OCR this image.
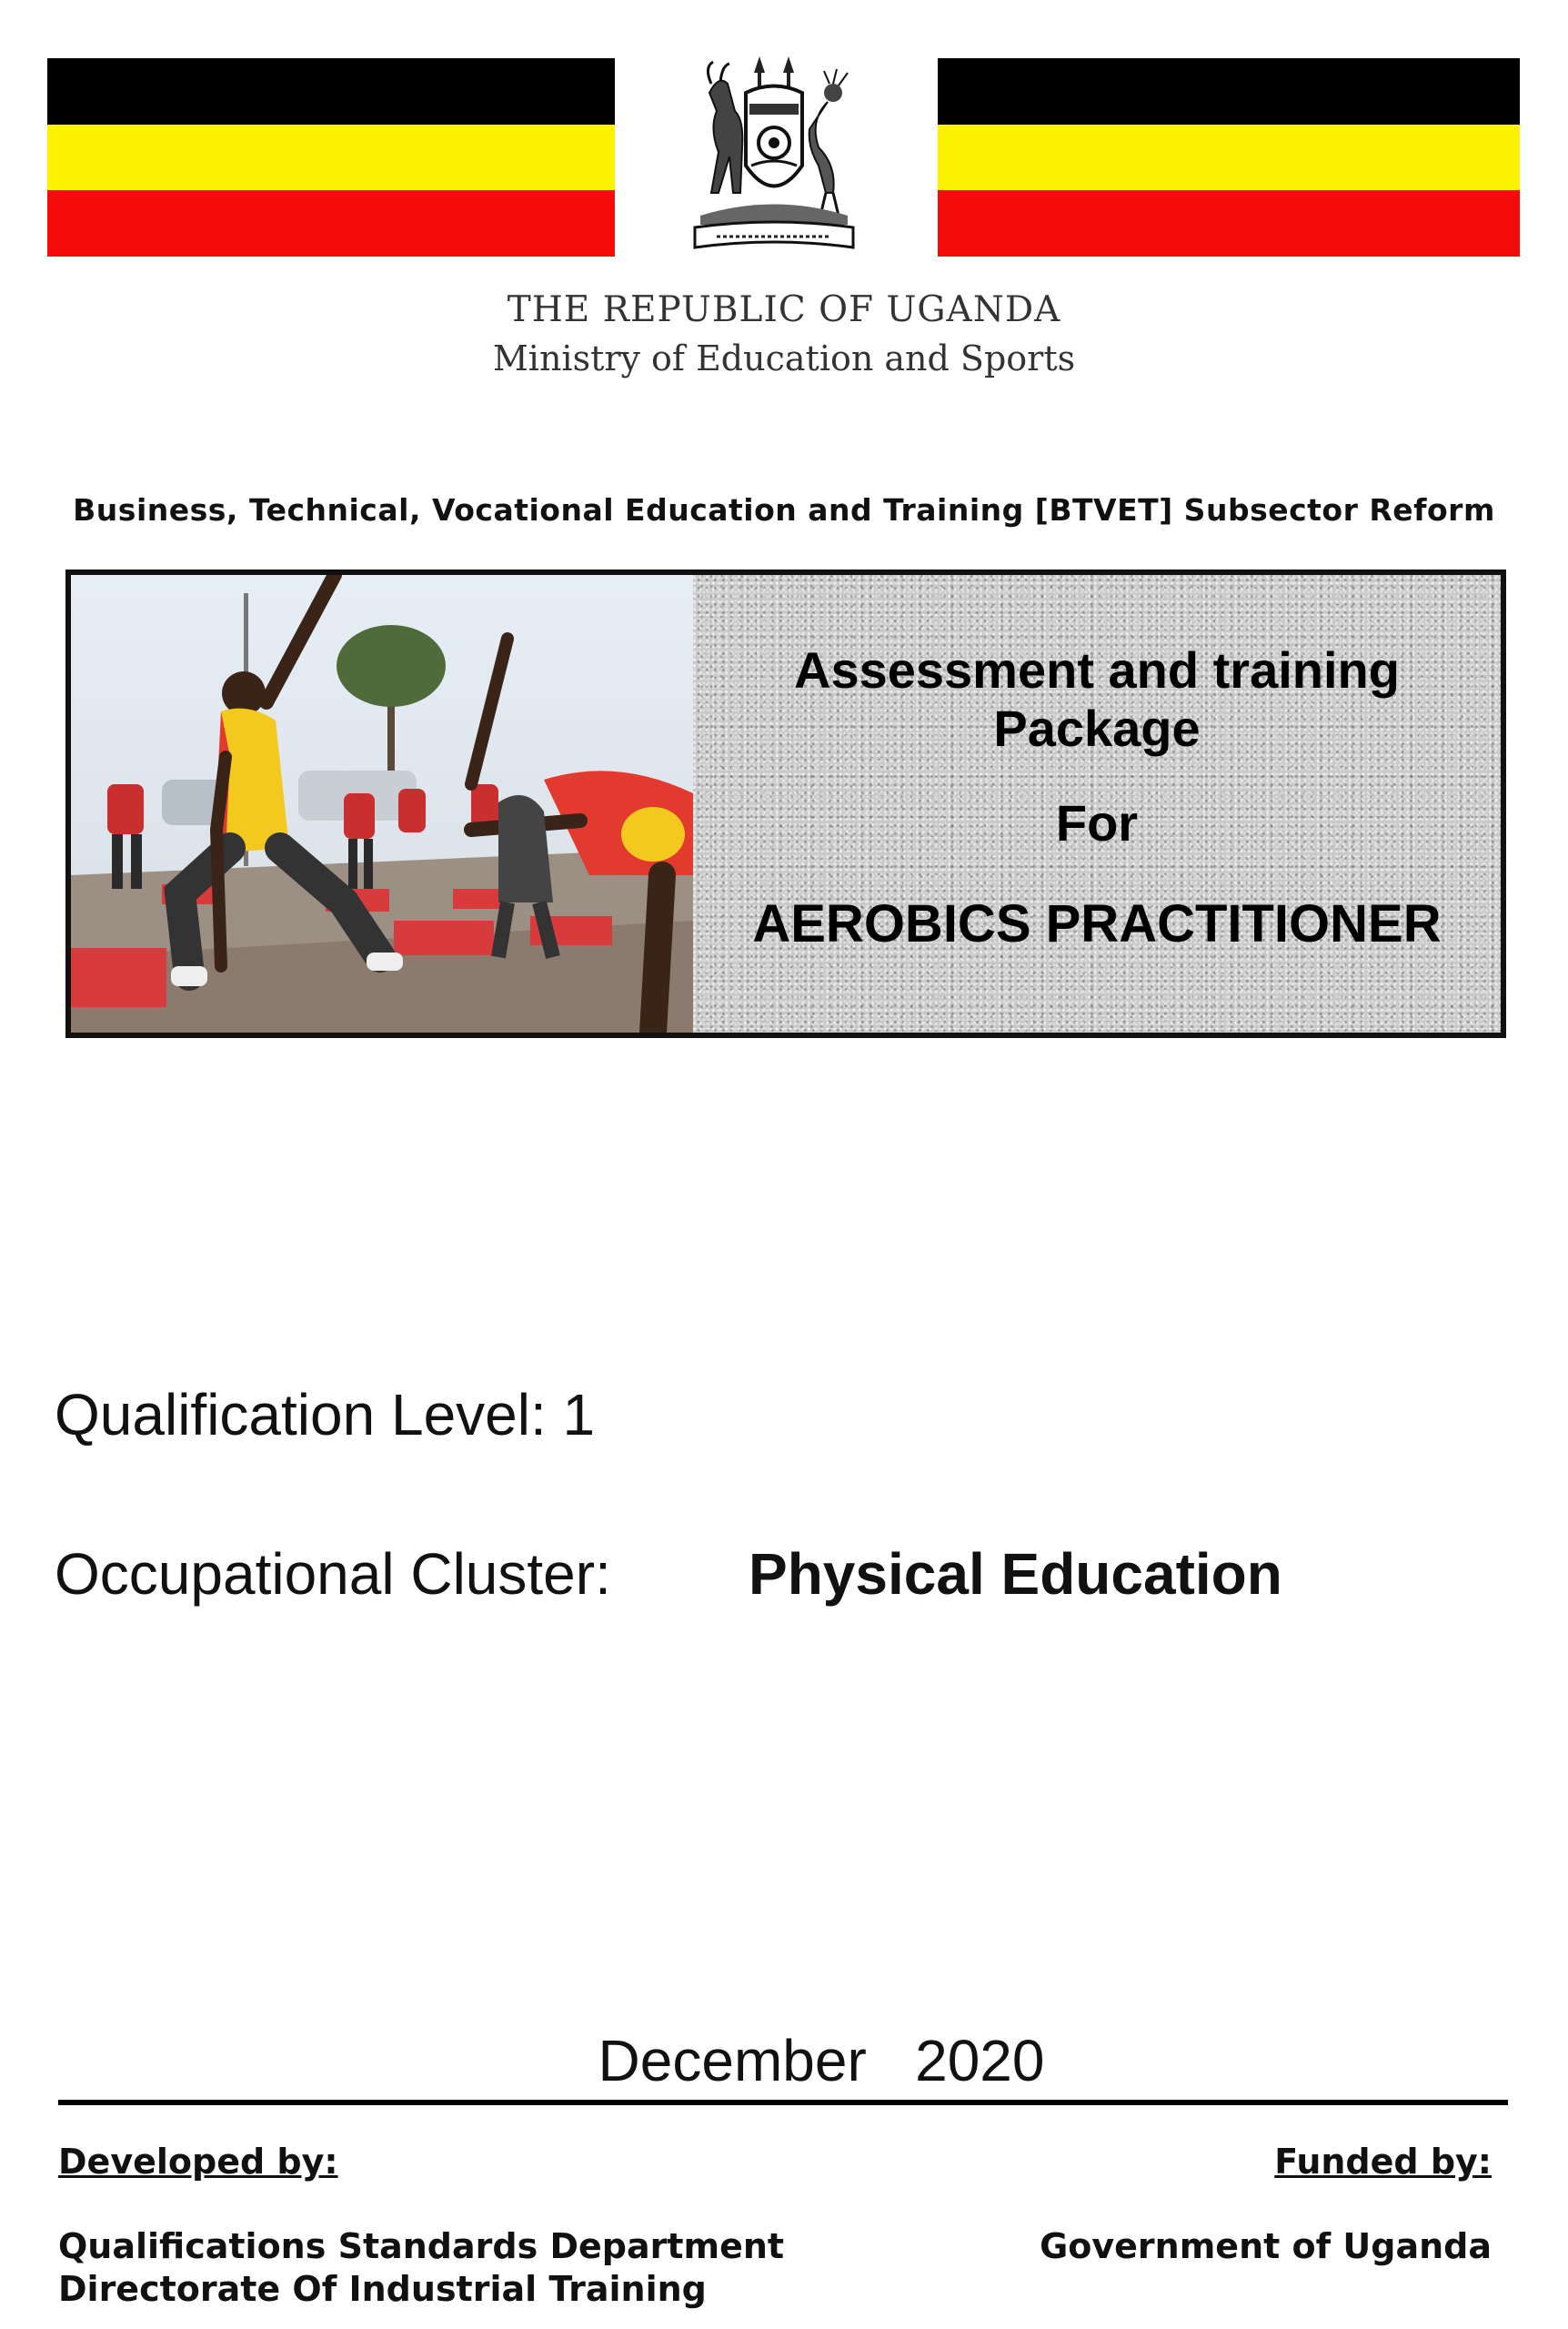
THE REPUBLIC OF UGANDA
Ministry of Education and Sports
Business, Technical, Vocational Education and Training [BTVET] Subsector Reform
Assessment and training
Package
For
AEROBICS PRACTITIONER
Qualification Level: 1
Occupational Cluster: Physical Education
December   2020
Developed by:	Funded by:
Qualifications Standards Department
Directorate Of Industrial Training
Government of Uganda
